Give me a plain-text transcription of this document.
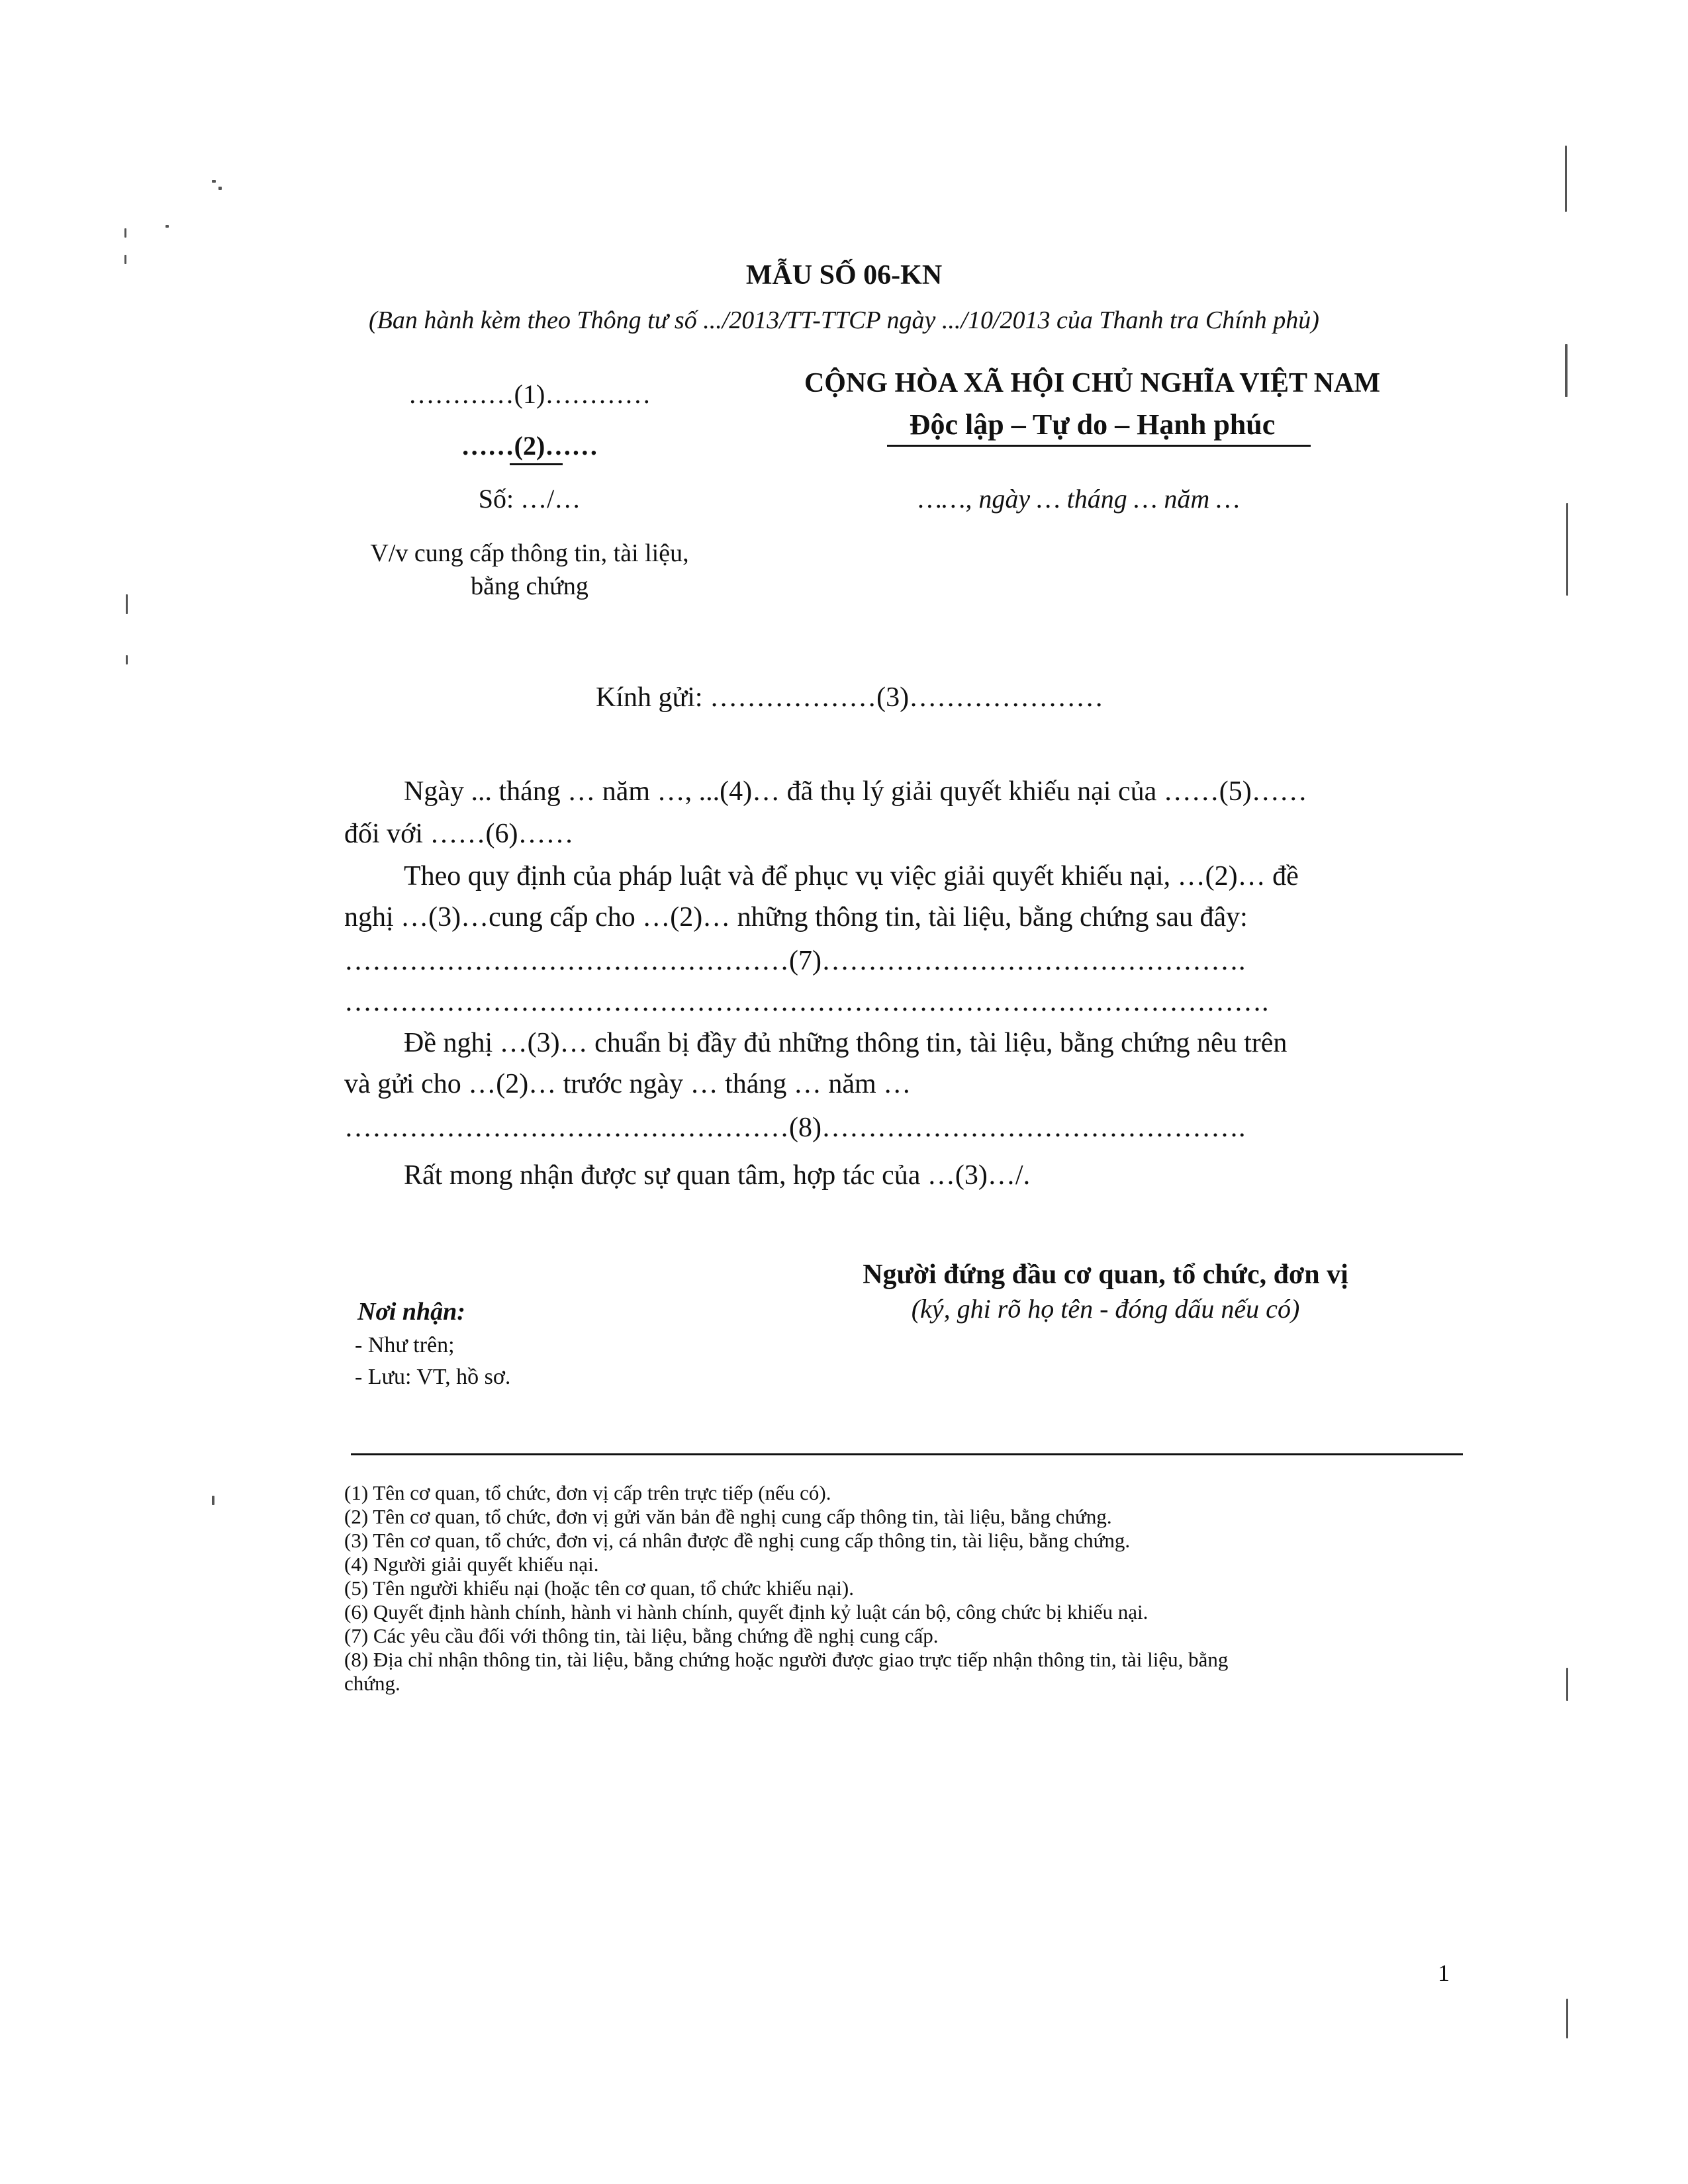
MẪU SỐ 06-KN
(Ban hành kèm theo Thông tư số .../2013/TT-TTCP ngày .../10/2013 của Thanh tra Chính phủ)
…………(1)…………
……(2)……
Số: …/…
V/v cung cấp thông tin, tài liệu,
bằng chứng
CỘNG HÒA XÃ HỘI CHỦ NGHĨA VIỆT NAM
Độc lập – Tự do – Hạnh phúc
……, ngày … tháng … năm …
Kính gửi: ………………(3)…………………
Ngày ... tháng … năm …, ...(4)… đã thụ lý giải quyết khiếu nại của ……(5)……
đối với ……(6)……
Theo quy định của pháp luật và để phục vụ việc giải quyết khiếu nại, …(2)… đề
nghị …(3)…cung cấp cho …(2)… những thông tin, tài liệu, bằng chứng sau đây:
…………………………………………(7)……………………………………….
……………………………………………………………………………………….
Đề nghị …(3)… chuẩn bị đầy đủ những thông tin, tài liệu, bằng chứng nêu trên
và gửi cho …(2)… trước ngày … tháng … năm …
…………………………………………(8)……………………………………….
Rất mong nhận được sự quan tâm, hợp tác của …(3)…/.
Người đứng đầu cơ quan, tổ chức, đơn vị
(ký, ghi rõ họ tên - đóng dấu nếu có)
Nơi nhận:
- Như trên;
- Lưu: VT, hồ sơ.
(1) Tên cơ quan, tổ chức, đơn vị cấp trên trực tiếp (nếu có).
(2) Tên cơ quan, tổ chức, đơn vị gửi văn bản đề nghị cung cấp thông tin, tài liệu, bằng chứng.
(3) Tên cơ quan, tổ chức, đơn vị, cá nhân được đề nghị cung cấp thông tin, tài liệu, bằng chứng.
(4) Người giải quyết khiếu nại.
(5) Tên người khiếu nại (hoặc tên cơ quan, tổ chức khiếu nại).
(6) Quyết định hành chính, hành vi hành chính, quyết định kỷ luật cán bộ, công chức bị khiếu nại.
(7) Các yêu cầu đối với thông tin, tài liệu, bằng chứng đề nghị cung cấp.
(8) Địa chỉ nhận thông tin, tài liệu, bằng chứng hoặc người được giao trực tiếp nhận thông tin, tài liệu, bằng
chứng.
1
